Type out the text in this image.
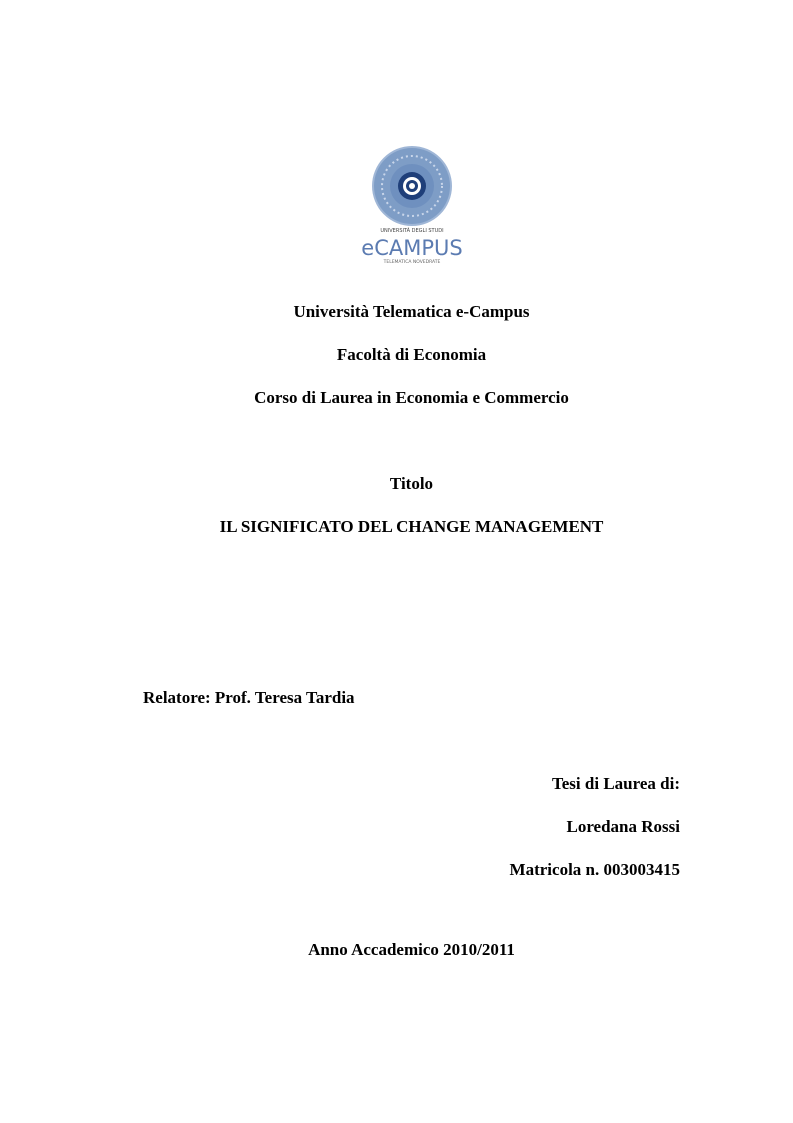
UNIVERSITÀ DEGLI STUDI
eCAMPUS
TELEMATICA NOVEDRATE
Università Telematica e-Campus
Facoltà di Economia
Corso di Laurea in Economia e Commercio
Titolo
IL SIGNIFICATO DEL CHANGE MANAGEMENT
Relatore: Prof. Teresa Tardia
Tesi di Laurea di:
Loredana Rossi
Matricola n. 003003415
Anno Accademico 2010/2011
